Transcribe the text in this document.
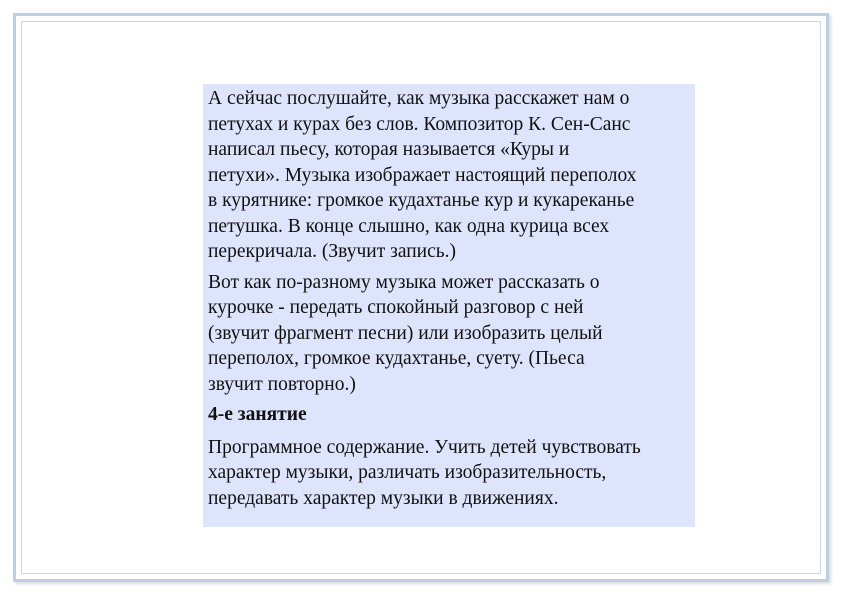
А сейчас послушайте, как музыка расскажет нам о
петухах и курах без слов. Композитор К. Сен-Санс
написал пьесу, которая называется «Куры и
петухи». Музыка изображает настоящий переполох
в курятнике: громкое кудахтанье кур и кукареканье
петушка. В конце слышно, как одна курица всех
перекричала. (Звучит запись.)
Вот как по-разному музыка может рассказать о
курочке - передать спокойный разговор с ней
(звучит фрагмент песни) или изобразить целый
переполох, громкое кудахтанье, суету. (Пьеса
звучит повторно.)
4-е занятие
Программное содержание. Учить детей чувствовать
характер музыки, различать изобразительность,
передавать характер музыки в движениях.
